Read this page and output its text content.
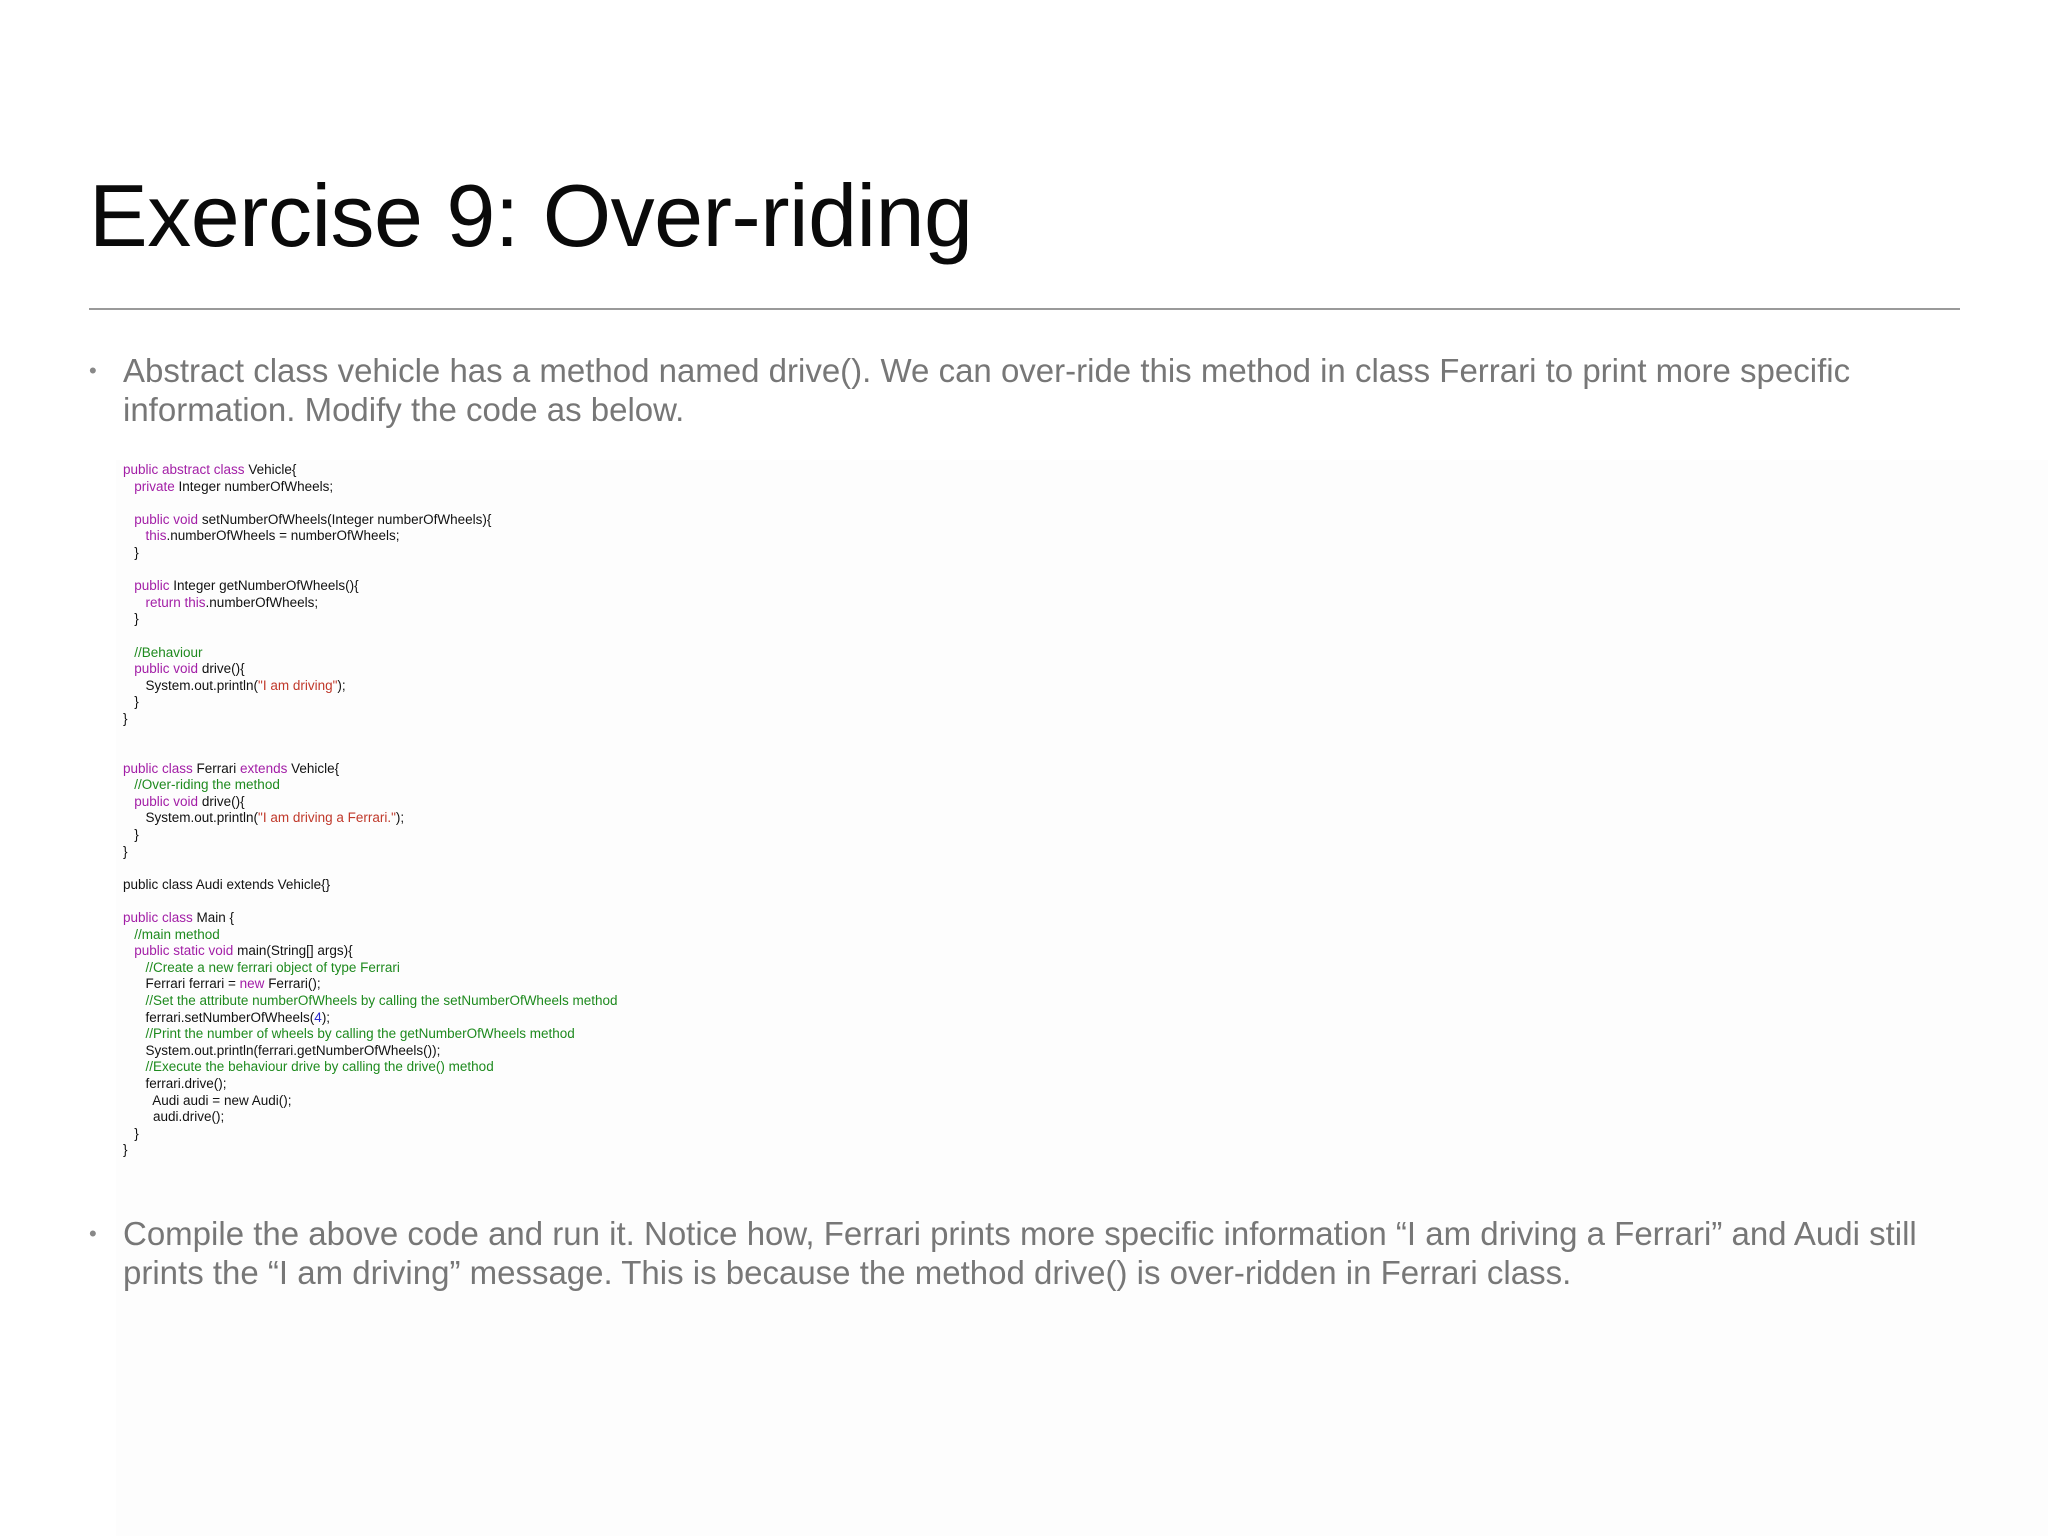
Exercise 9: Over-riding
• Abstract class vehicle has a method named drive(). We can over-ride this method in class Ferrari to print more specific information. Modify the code as below.
public abstract class Vehicle{
private Integer numberOfWheels;
public void setNumberOfWheels(Integer numberOfWheels){
this.numberOfWheels = numberOfWheels;
}
public Integer getNumberOfWheels(){
return this.numberOfWheels;
}
//Behaviour
public void drive(){
System.out.println("I am driving");
}
}
public class Ferrari extends Vehicle{
//Over-riding the method
public void drive(){
System.out.println("I am driving a Ferrari.");
}
}
public class Audi extends Vehicle{}
public class Main {
//main method
public static void main(String[] args){
//Create a new ferrari object of type Ferrari
Ferrari ferrari = new Ferrari();
//Set the attribute numberOfWheels by calling the setNumberOfWheels method
ferrari.setNumberOfWheels(4);
//Print the number of wheels by calling the getNumberOfWheels method
System.out.println(ferrari.getNumberOfWheels());
//Execute the behaviour drive by calling the drive() method
ferrari.drive();
Audi audi = new Audi();
audi.drive();
}
}
• Compile the above code and run it. Notice how, Ferrari prints more specific information “I am driving a Ferrari” and Audi still prints the “I am driving” message. This is because the method drive() is over-ridden in Ferrari class.
